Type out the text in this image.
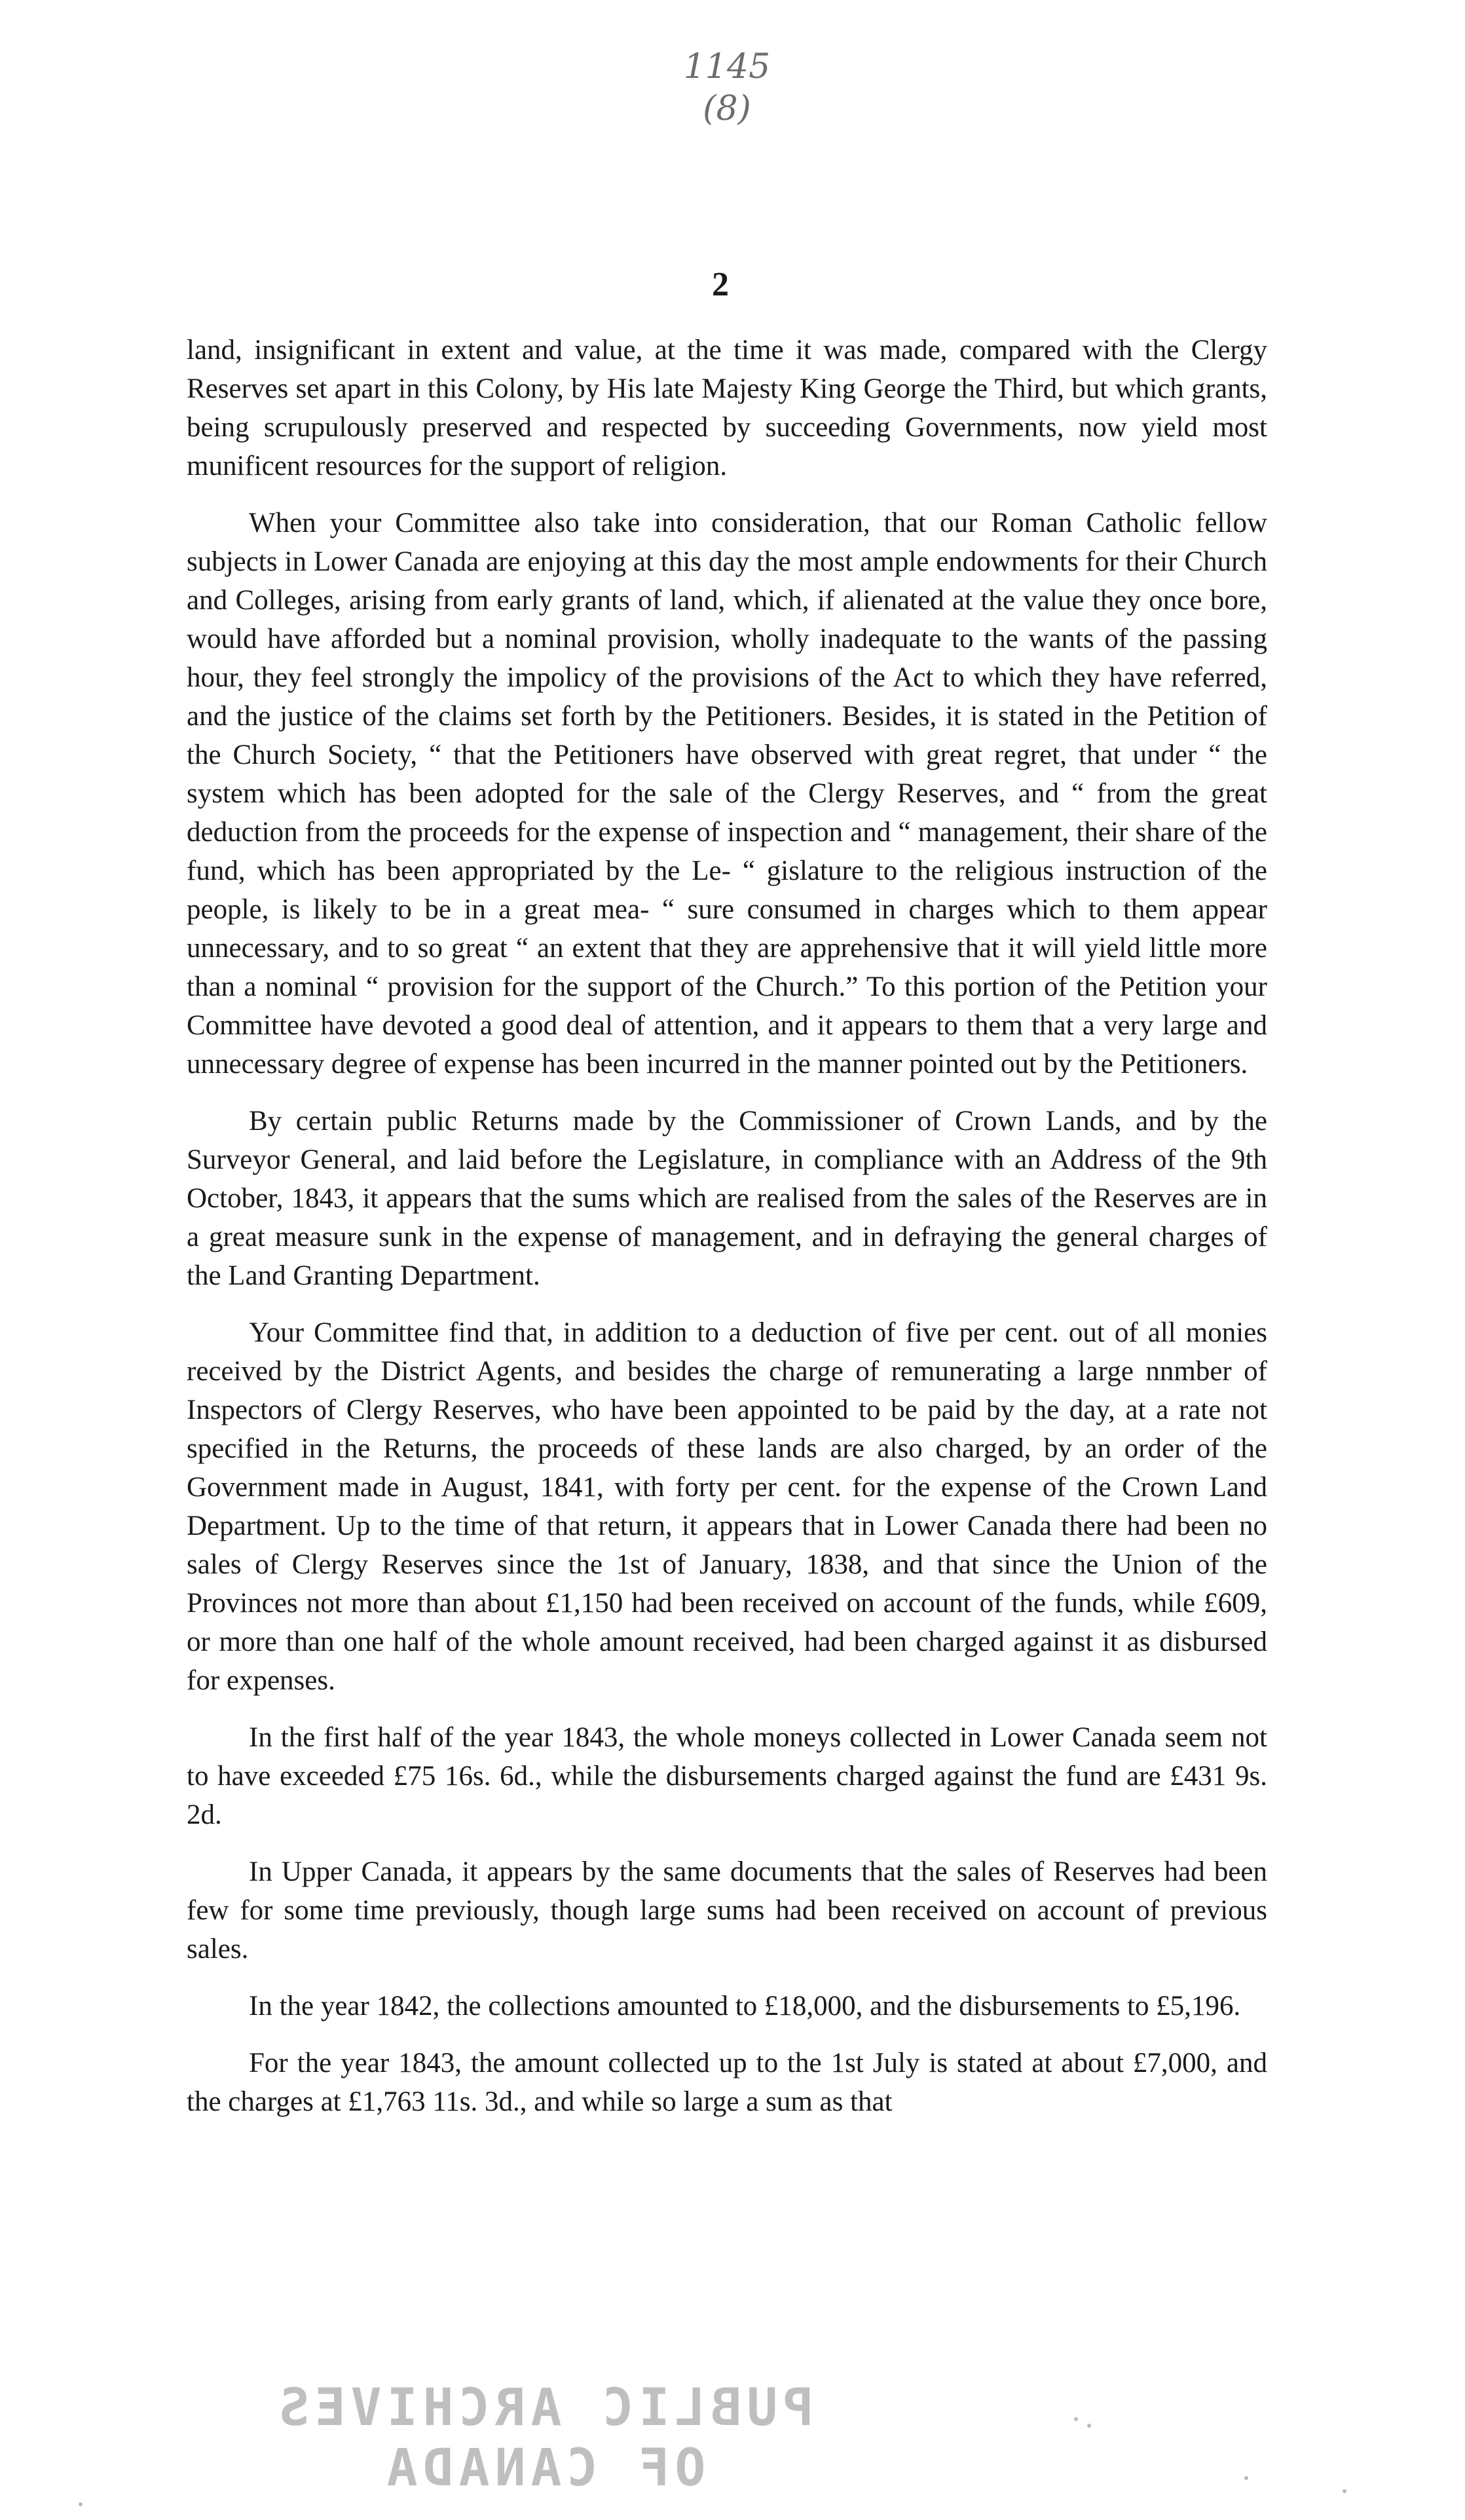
1145
(8)
2

land, insignificant in extent and value, at the time it was made, compared with the Clergy Reserves set apart in this Colony, by His late Majesty King George the Third, but which grants, being scrupulously preserved and respected by succeeding Governments, now yield most munificent resources for the support of religion.

When your Committee also take into consideration, that our Roman Catholic fellow subjects in Lower Canada are enjoying at this day the most ample endowments for their Church and Colleges, arising from early grants of land, which, if alienated at the value they once bore, would have afforded but a nominal provision, wholly inadequate to the wants of the passing hour, they feel strongly the impolicy of the provisions of the Act to which they have referred, and the justice of the claims set forth by the Petitioners. Besides, it is stated in the Petition of the Church Society, “ that the Petitioners have observed with great regret, that under “ the system which has been adopted for the sale of the Clergy Reserves, and “ from the great deduction from the proceeds for the expense of inspection and “ management, their share of the fund, which has been appropriated by the Le- “ gislature to the religious instruction of the people, is likely to be in a great mea- “ sure consumed in charges which to them appear unnecessary, and to so great “ an extent that they are apprehensive that it will yield little more than a nominal “ provision for the support of the Church.” To this portion of the Petition your Committee have devoted a good deal of attention, and it appears to them that a very large and unnecessary degree of expense has been incurred in the manner pointed out by the Petitioners.

By certain public Returns made by the Commissioner of Crown Lands, and by the Surveyor General, and laid before the Legislature, in compliance with an Address of the 9th October, 1843, it appears that the sums which are realised from the sales of the Reserves are in a great measure sunk in the expense of management, and in defraying the general charges of the Land Granting Department.

Your Committee find that, in addition to a deduction of five per cent. out of all monies received by the District Agents, and besides the charge of remunerating a large nnmber of Inspectors of Clergy Reserves, who have been appointed to be paid by the day, at a rate not specified in the Returns, the proceeds of these lands are also charged, by an order of the Government made in August, 1841, with forty per cent. for the expense of the Crown Land Department. Up to the time of that return, it appears that in Lower Canada there had been no sales of Clergy Reserves since the 1st of January, 1838, and that since the Union of the Provinces not more than about £1,150 had been received on account of the funds, while £609, or more than one half of the whole amount received, had been charged against it as disbursed for expenses.

In the first half of the year 1843, the whole moneys collected in Lower Canada seem not to have exceeded £75 16s. 6d., while the disbursements charged against the fund are £431 9s. 2d.

In Upper Canada, it appears by the same documents that the sales of Reserves had been few for some time previously, though large sums had been received on account of previous sales.

In the year 1842, the collections amounted to £18,000, and the disbursements to £5,196.

For the year 1843, the amount collected up to the 1st July is stated at about £7,000, and the charges at £1,763 11s. 3d., and while so large a sum as that

PUBLIC ARCHIVES
OF CANADA
